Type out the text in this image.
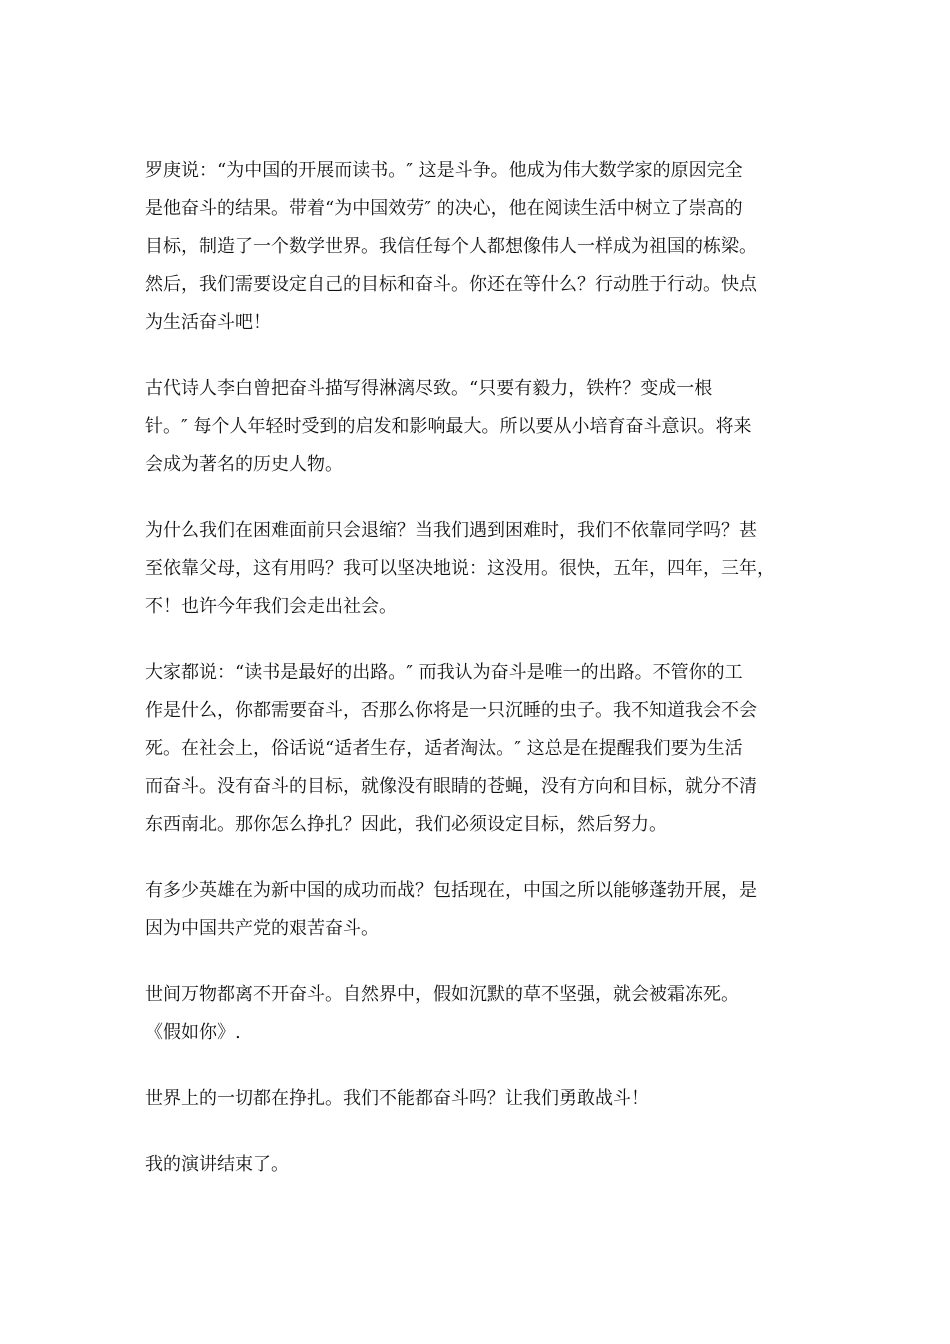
罗庚说：“为中国的开展而读书。″ 这是斗争。他成为伟大数学家的原因完全
是他奋斗的结果。带着“为中国效劳″ 的决心，他在阅读生活中树立了崇高的
目标，制造了一个数学世界。我信任每个人都想像伟人一样成为祖国的栋梁。
然后，我们需要设定自己的目标和奋斗。你还在等什么？行动胜于行动。快点
为生活奋斗吧！

古代诗人李白曾把奋斗描写得淋漓尽致。“只要有毅力，铁杵？变成一根
针。″ 每个人年轻时受到的启发和影响最大。所以要从小培育奋斗意识。将来
会成为著名的历史人物。

为什么我们在困难面前只会退缩？当我们遇到困难时，我们不依靠同学吗？甚
至依靠父母，这有用吗？我可以坚决地说：这没用。很快，五年，四年，三年，
不！也许今年我们会走出社会。

大家都说：“读书是最好的出路。″ 而我认为奋斗是唯一的出路。不管你的工
作是什么，你都需要奋斗，否那么你将是一只沉睡的虫子。我不知道我会不会
死。在社会上，俗话说“适者生存，适者淘汰。″ 这总是在提醒我们要为生活
而奋斗。没有奋斗的目标，就像没有眼睛的苍蝇，没有方向和目标，就分不清
东西南北。那你怎么挣扎？因此，我们必须设定目标，然后努力。

有多少英雄在为新中国的成功而战？包括现在，中国之所以能够蓬勃开展，是
因为中国共产党的艰苦奋斗。

世间万物都离不开奋斗。自然界中，假如沉默的草不坚强，就会被霜冻死。
《假如你》.

世界上的一切都在挣扎。我们不能都奋斗吗？让我们勇敢战斗！

我的演讲结束了。
